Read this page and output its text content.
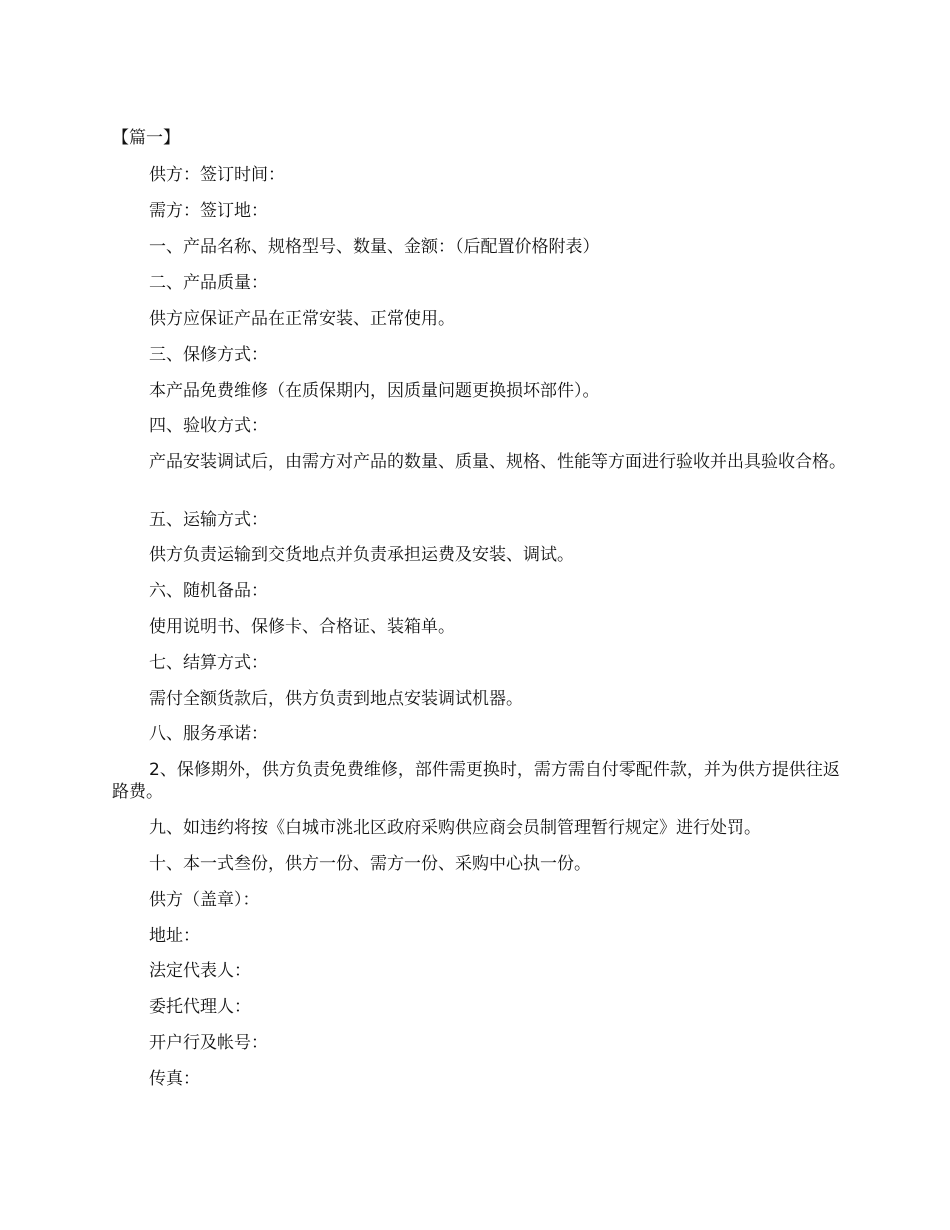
【篇一】

供方：签订时间：

需方：签订地：

一、产品名称、规格型号、数量、金额：（后配置价格附表）

二、产品质量：

供方应保证产品在正常安装、正常使用。

三、保修方式：

本产品免费维修（在质保期内，因质量问题更换损坏部件）。

四、验收方式：

产品安装调试后，由需方对产品的数量、质量、规格、性能等方面进行验收并出具验收合格。

五、运输方式：

供方负责运输到交货地点并负责承担运费及安装、调试。

六、随机备品：

使用说明书、保修卡、合格证、装箱单。

七、结算方式：

需付全额货款后，供方负责到地点安装调试机器。

八、服务承诺：

2、保修期外，供方负责免费维修，部件需更换时，需方需自付零配件款，并为供方提供往返路费。

九、如违约将按《白城市洮北区政府采购供应商会员制管理暂行规定》进行处罚。

十、本一式叁份，供方一份、需方一份、采购中心执一份。

供方（盖章）：

地址：

法定代表人：

委托代理人：

开户行及帐号：

传真：
